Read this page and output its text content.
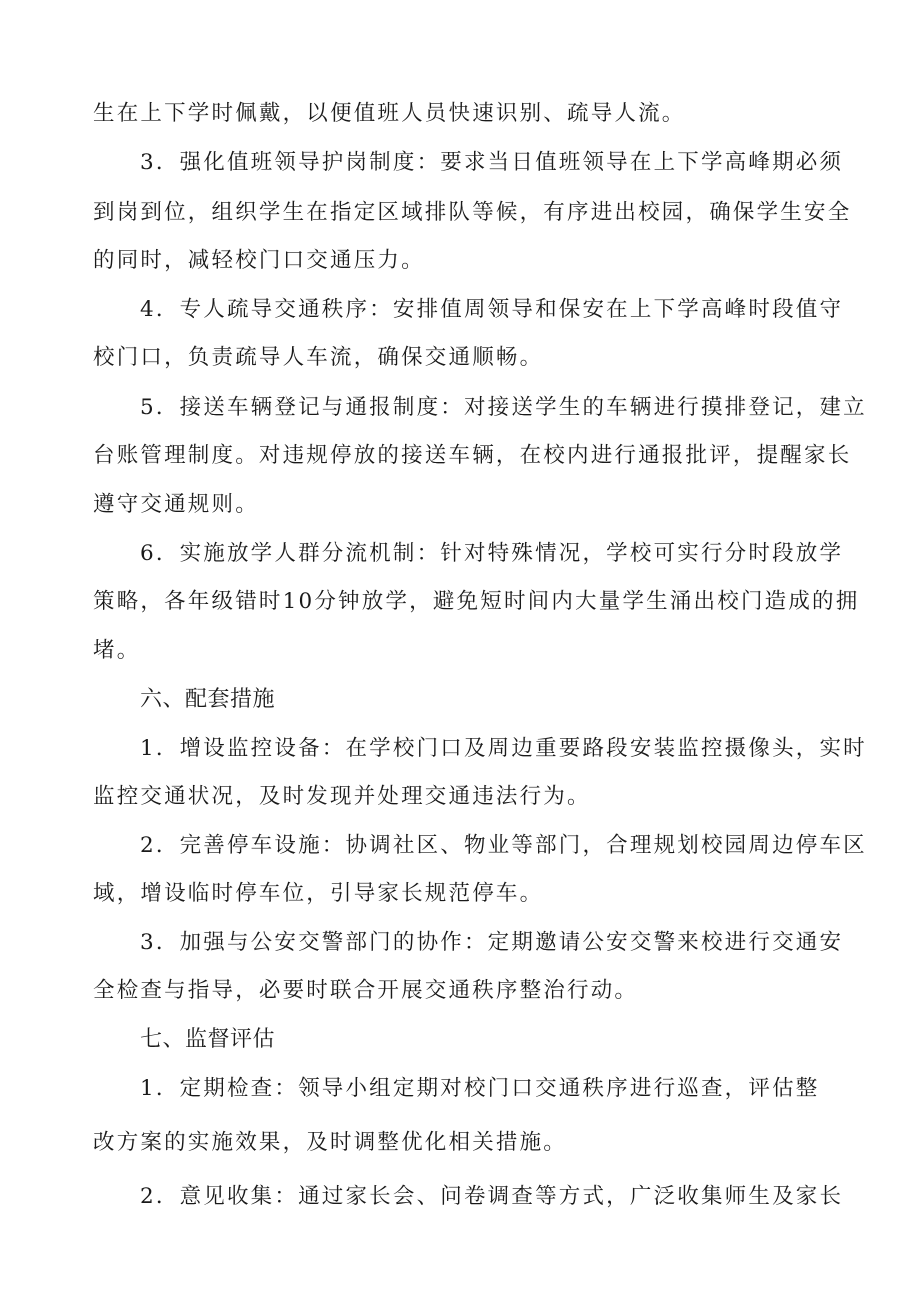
生在上下学时佩戴，以便值班人员快速识别、疏导人流。
3．强化值班领导护岗制度：要求当日值班领导在上下学高峰期必须
到岗到位，组织学生在指定区域排队等候，有序进出校园，确保学生安全
的同时，减轻校门口交通压力。
4．专人疏导交通秩序：安排值周领导和保安在上下学高峰时段值守
校门口，负责疏导人车流，确保交通顺畅。
5．接送车辆登记与通报制度：对接送学生的车辆进行摸排登记，建立
台账管理制度。对违规停放的接送车辆，在校内进行通报批评，提醒家长
遵守交通规则。
6．实施放学人群分流机制：针对特殊情况，学校可实行分时段放学
策略，各年级错时10分钟放学，避免短时间内大量学生涌出校门造成的拥
堵。
六、配套措施
1．增设监控设备：在学校门口及周边重要路段安装监控摄像头，实时
监控交通状况，及时发现并处理交通违法行为。
2．完善停车设施：协调社区、物业等部门，合理规划校园周边停车区
域，增设临时停车位，引导家长规范停车。
3．加强与公安交警部门的协作：定期邀请公安交警来校进行交通安
全检查与指导，必要时联合开展交通秩序整治行动。
七、监督评估
1．定期检查：领导小组定期对校门口交通秩序进行巡查，评估整
改方案的实施效果，及时调整优化相关措施。
2．意见收集：通过家长会、问卷调查等方式，广泛收集师生及家长
